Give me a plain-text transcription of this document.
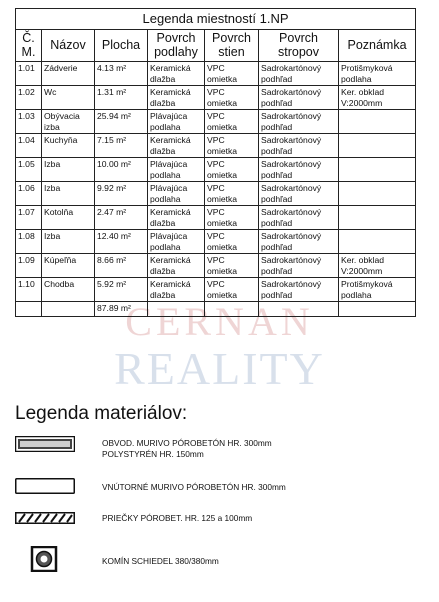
CERNAN
REALITY
Legenda miestností 1.NP						
Č. M.	Názov	Plocha	Povrch podlahy	Povrch stien	Povrch stropov	Poznámka
1.01	Zádverie	4.13 m²	Keramická dlažba	VPC omietka	Sadrokartónový podhľad	Protišmyková podlaha
1.02	Wc	1.31 m²	Keramická dlažba	VPC omietka	Sadrokartónový podhľad	Ker. obklad V:2000mm
1.03	Obývacia izba	25.94 m²	Plávajúca podlaha	VPC omietka	Sadrokartónový podhľad	
1.04	Kuchyňa	7.15 m²	Keramická dlažba	VPC omietka	Sadrokartónový podhľad	
1.05	Izba	10.00 m²	Plávajúca podlaha	VPC omietka	Sadrokartónový podhľad	
1.06	Izba	9.92 m²	Plávajúca podlaha	VPC omietka	Sadrokartónový podhľad	
1.07	Kotolňa	2.47 m²	Keramická dlažba	VPC omietka	Sadrokartónový podhľad	
1.08	Izba	12.40 m²	Plávajúca podlaha	VPC omietka	Sadrokartónový podhľad	
1.09	Kúpeľňa	8.66 m²	Keramická dlažba	VPC omietka	Sadrokartónový podhľad	Ker. obklad V:2000mm
1.10	Chodba	5.92 m²	Keramická dlažba	VPC omietka	Sadrokartónový podhľad	Protišmyková podlaha
		87.89 m²				
Legenda materiálov:
OBVOD. MURIVO PÓROBETÓN HR. 300mm
POLYSTYRÉN HR. 150mm
VNÚTORNÉ MURIVO PÓROBETÓN HR. 300mm
PRIEČKY PÓROBET. HR. 125 a 100mm
KOMÍN SCHIEDEL 380/380mm
